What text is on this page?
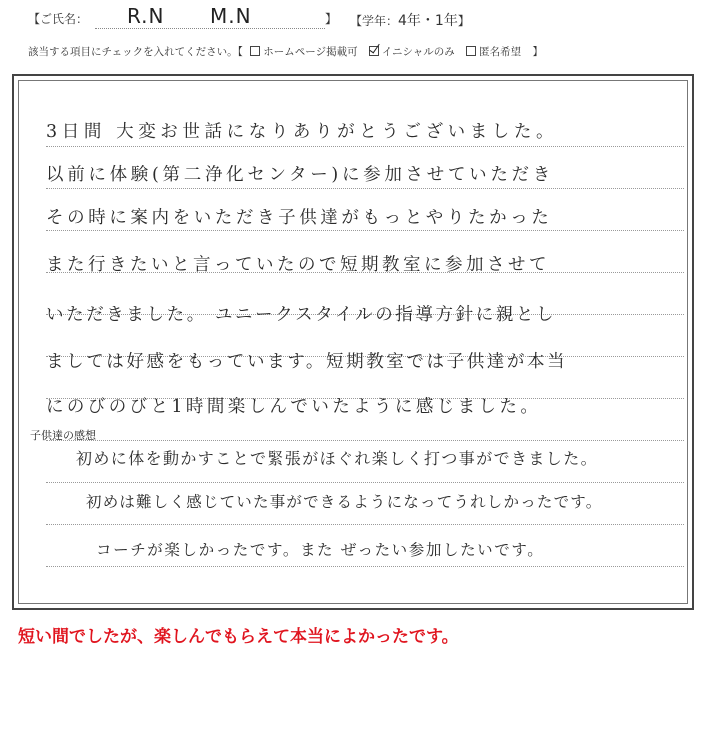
【ご氏名： R.N M.N	】 【学年：4年・1年】
該当する項目にチェックを入れてください。【 ホームページ掲載可 イニシャルのみ 匿名希望 】
3日間 大変お世話になりありがとうございました。
以前に体験(第二浄化センター)に参加させていただき
その時に案内をいただき子供達がもっとやりたかった
また行きたいと言っていたので短期教室に参加させて
いただきました。 ユニークスタイルの指導方針に親とし
ましては好感をもっています。短期教室では子供達が本当
にのびのびと1時間楽しんでいたように感じました。
初めに体を動かすことで緊張がほぐれ楽しく打つ事ができました。
初めは難しく感じていた事ができるようになってうれしかったです。
コーチが楽しかったです。また ぜったい参加したいです。
子供達の感想
短い間でしたが、楽しんでもらえて本当によかったです。
